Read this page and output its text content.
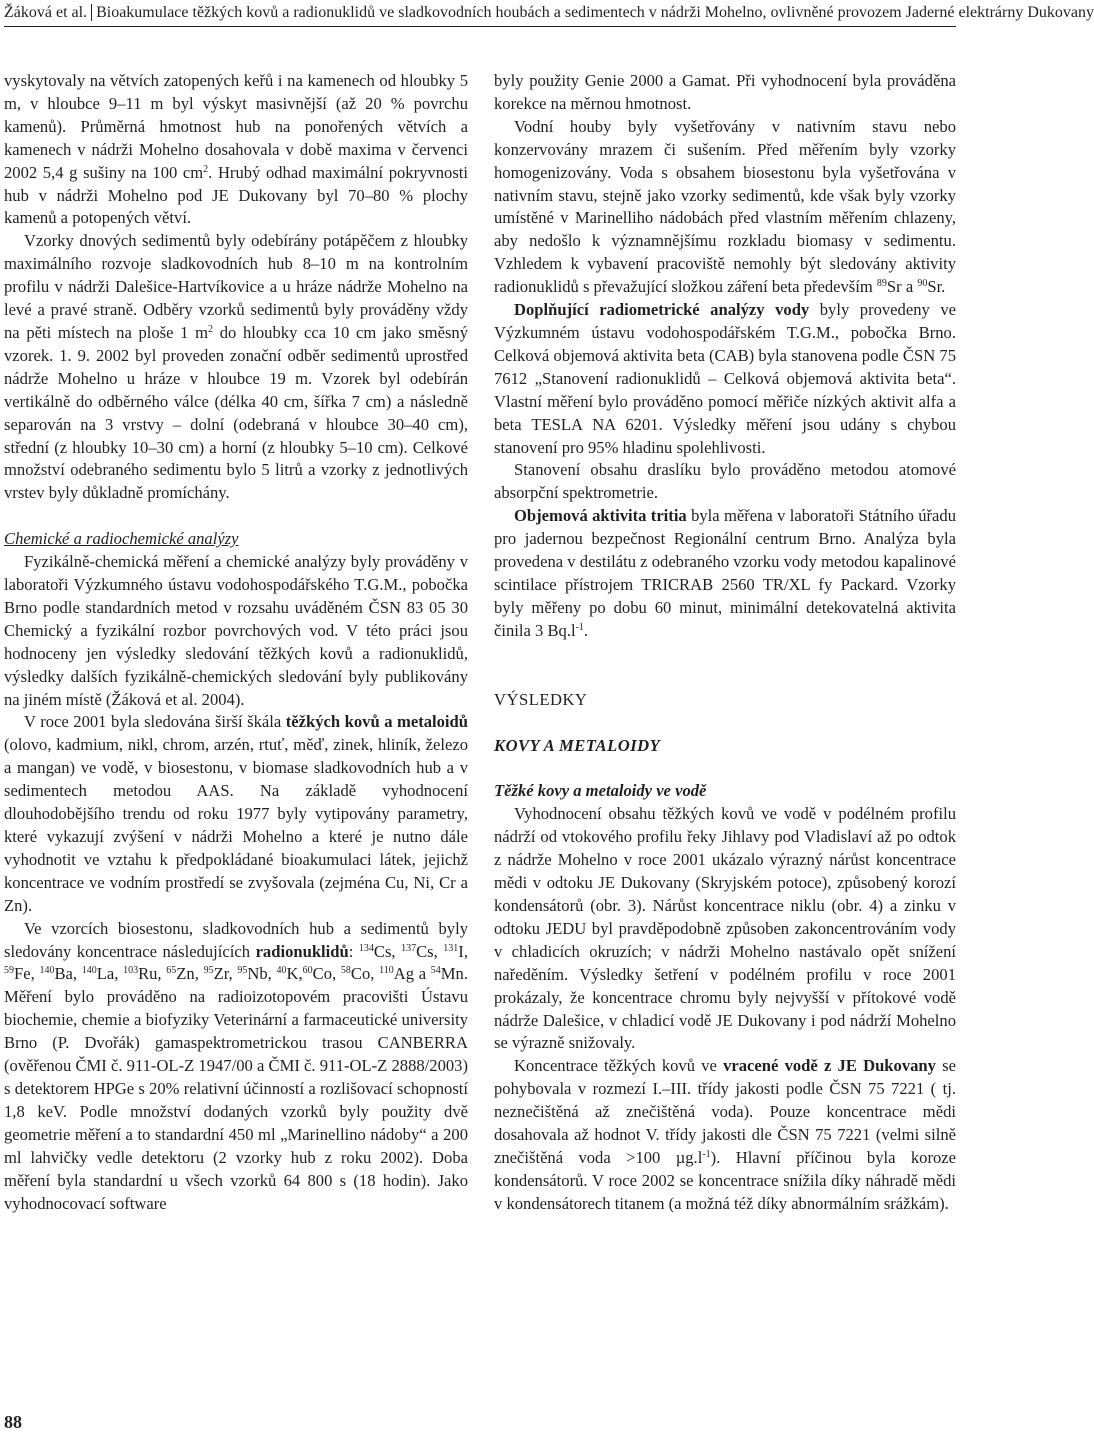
Žáková et al. Bioakumulace těžkých kovů a radionuklidů ve sladkovodních houbách a sedimentech v nádrži Mohelno, ovlivněné provozem Jaderné elektrárny Dukovany

vyskytovaly na větvích zatopených keřů i na kamenech od hloubky 5 m, v hloubce 9–11 m byl výskyt masivnější (až 20 % povrchu kamenů). Průměrná hmotnost hub na ponořených větvích a kamenech v nádrži Mohelno dosahovala v době maxima v červenci 2002 5,4 g sušiny na 100 $cm^2$. Hrubý odhad maximální pokryvnosti hub v nádrži Mohelno pod JE Dukovany byl 70–80 % plochy kamenů a potopených větví.

Vzorky dnových sedimentů byly odebírány potápěčem z hloubky maximálního rozvoje sladkovodních hub 8–10 m na kontrolním profilu v nádrži Dalešice-Hartvíkovice a u hráze nádrže Mohelno na levé a pravé straně. Odběry vzorků sedimentů byly prováděny vždy na pěti místech na ploše 1 $m^2$ do hloubky cca 10 cm jako směsný vzorek. 1. 9. 2002 byl proveden zonační odběr sedimentů uprostřed nádrže Mohelno u hráze v hloubce 19 m. Vzorek byl odebírán vertikálně do odběrného válce (délka 40 cm, šířka 7 cm) a následně separován na 3 vrstvy – dolní (odebraná v hloubce 30–40 cm), střední (z hloubky 10–30 cm) a horní (z hloubky 5–10 cm). Celkové množství odebraného sedimentu bylo 5 litrů a vzorky z jednotlivých vrstev byly důkladně promíchány.

Chemické a radiochemické analýzy

Fyzikálně-chemická měření a chemické analýzy byly prováděny v laboratoři Výzkumného ústavu vodohospodářského T.G.M., pobočka Brno podle standardních metod v rozsahu uváděném ČSN 83 05 30 Chemický a fyzikální rozbor povrchových vod. V této práci jsou hodnoceny jen výsledky sledování těžkých kovů a radionuklidů, výsledky dalších fyzikálně-chemických sledování byly publikovány na jiném místě (Žáková et al. 2004).

V roce 2001 byla sledována širší škála těžkých kovů a metaloidů (olovo, kadmium, nikl, chrom, arzén, rtuť, měď, zinek, hliník, železo a mangan) ve vodě, v biosestonu, v biomase sladkovodních hub a v sedimentech metodou AAS. Na základě vyhodnocení dlouhodobějšího trendu od roku 1977 byly vytipovány parametry, které vykazují zvýšení v nádrži Mohelno a které je nutno dále vyhodnotit ve vztahu k předpokládané bioakumulaci látek, jejichž koncentrace ve vodním prostředí se zvyšovala (zejména Cu, Ni, Cr a Zn).

Ve vzorcích biosestonu, sladkovodních hub a sedimentů byly sledovány koncentrace následujících radionuklidů: $^{134}$Cs, $^{137}$Cs, $^{131}$I, $^{59}$Fe, $^{140}$Ba, $^{140}$La, $^{103}$Ru, $^{65}$Zn, $^{95}$Zr, $^{95}$Nb, $^{40}$K,$^{60}$Co, $^{58}$Co, $^{110}$Ag a $^{54}$Mn. Měření bylo prováděno na radioizotopovém pracovišti Ústavu biochemie, chemie a biofyziky Veterinární a farmaceutické university Brno (P. Dvořák) gamaspektrometrickou trasou CANBERRA (ověřenou ČMI č. 911-OL-Z 1947/00 a ČMI č. 911-OL-Z 2888/2003) s detektorem HPGe s 20% relativní účinností a rozlišovací schopností 1,8 keV. Podle množství dodaných vzorků byly použity dvě geometrie měření a to standardní 450 ml „Marinellino nádoby“ a 200 ml lahvičky vedle detektoru (2 vzorky hub z roku 2002). Doba měření byla standardní u všech vzorků 64 800 s (18 hodin). Jako vyhodnocovací software

byly použity Genie 2000 a Gamat. Při vyhodnocení byla prováděna korekce na měrnou hmotnost.

Vodní houby byly vyšetřovány v nativním stavu nebo konzervovány mrazem či sušením. Před měřením byly vzorky homogenizovány. Voda s obsahem biosestonu byla vyšetřována v nativním stavu, stejně jako vzorky sedimentů, kde však byly vzorky umístěné v Marinelliho nádobách před vlastním měřením chlazeny, aby nedošlo k významnějšímu rozkladu biomasy v sedimentu. Vzhledem k vybavení pracoviště nemohly být sledovány aktivity radionuklidů s převažující složkou záření beta především $^{89}$Sr a $^{90}$Sr.

Doplňující radiometrické analýzy vody byly provedeny ve Výzkumném ústavu vodohospodářském T.G.M., pobočka Brno. Celková objemová aktivita beta (CAB) byla stanovena podle ČSN 75 7612 „Stanovení radionuklidů – Celková objemová aktivita beta“. Vlastní měření bylo prováděno pomocí měřiče nízkých aktivit alfa a beta TESLA NA 6201. Výsledky měření jsou udány s chybou stanovení pro 95% hladinu spolehlivosti.

Stanovení obsahu draslíku bylo prováděno metodou atomové absorpční spektrometrie.

Objemová aktivita tritia byla měřena v laboratoři Státního úřadu pro jadernou bezpečnost Regionální centrum Brno. Analýza byla provedena v destilátu z odebraného vzorku vody metodou kapalinové scintilace přístrojem TRICRAB 2560 TR/XL fy Packard. Vzorky byly měřeny po dobu 60 minut, minimální detekovatelná aktivita činila 3 $Bq.l^{-1}$.

VÝSLEDKY
KOVY A METALOIDY
Těžké kovy a metaloidy ve vodě

Vyhodnocení obsahu těžkých kovů ve vodě v podélném profilu nádrží od vtokového profilu řeky Jihlavy pod Vladislaví až po odtok z nádrže Mohelno v roce 2001 ukázalo výrazný nárůst koncentrace mědi v odtoku JE Dukovany (Skryjském potoce), způsobený korozí kondensátorů (obr. 3). Nárůst koncentrace niklu (obr. 4) a zinku v odtoku JEDU byl pravděpodobně způsoben zakoncentrováním vody v chladicích okruzích; v nádrži Mohelno nastávalo opět snížení naředěním. Výsledky šetření v podélném profilu v roce 2001 prokázaly, že koncentrace chromu byly nejvyšší v přítokové vodě nádrže Dalešice, v chladicí vodě JE Dukovany i pod nádrží Mohelno se výrazně snižovaly.

Koncentrace těžkých kovů ve vracené vodě z JE Dukovany se pohybovala v rozmezí I.–III. třídy jakosti podle ČSN 75 7221 ( tj. neznečištěná až znečištěná voda). Pouze koncentrace mědi dosahovala až hodnot V. třídy jakosti dle ČSN 75 7221 (velmi silně znečištěná voda >100 $\mu g.l^{-1}$). Hlavní příčinou byla koroze kondensátorů. V roce 2002 se koncentrace snížila díky náhradě mědi v kondensátorech titanem (a možná též díky abnormálním srážkám).

88
